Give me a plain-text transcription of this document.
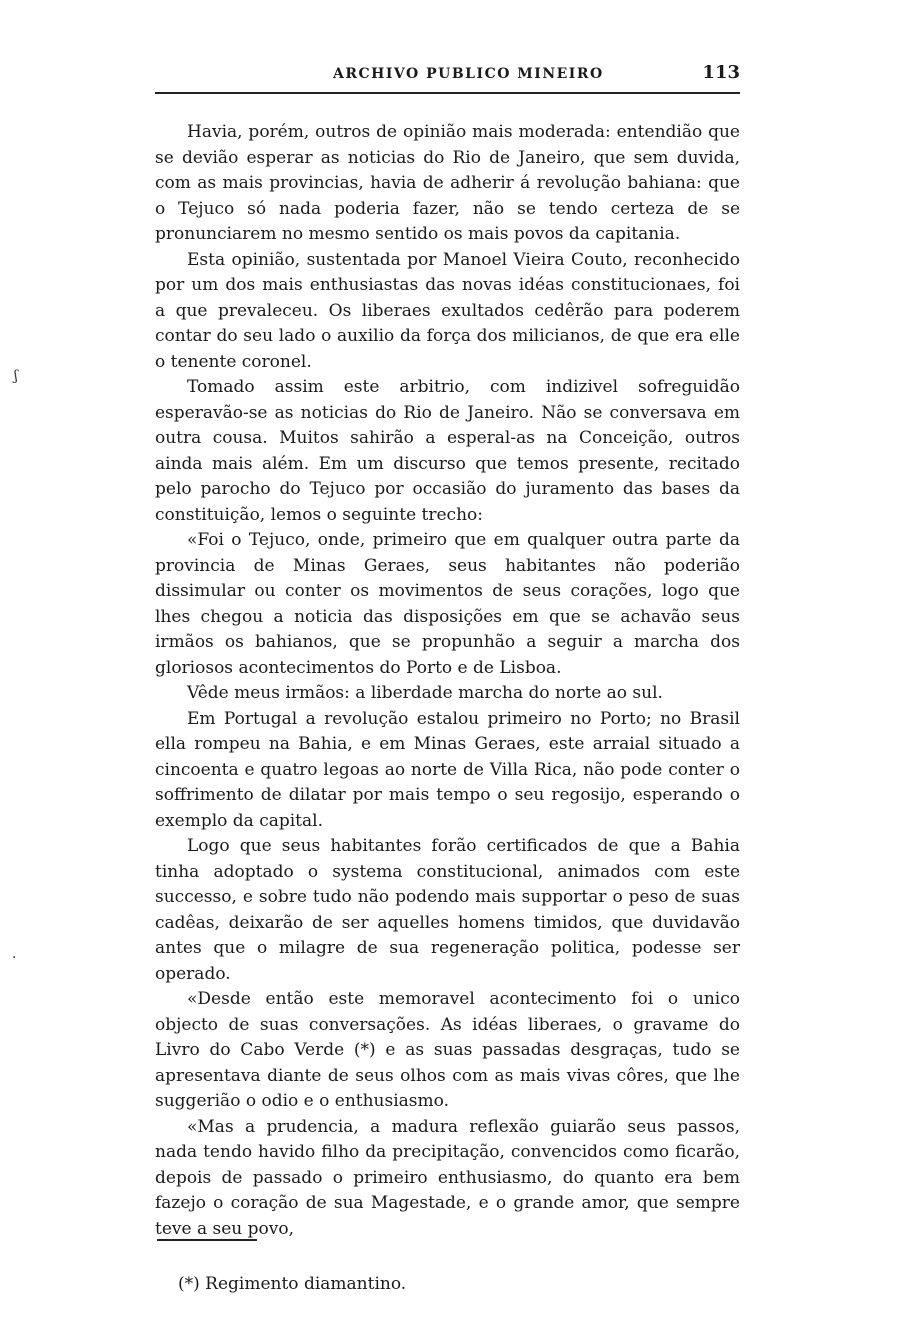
ARCHIVO PUBLICO MINEIRO	113

Havia, porém, outros de opinião mais moderada: entendião que se devião esperar as noticias do Rio de Janeiro, que sem duvida, com as mais provincias, havia de adherir á revolução bahiana: que o Tejuco só nada poderia fazer, não se tendo certeza de se pronunciarem no mesmo sentido os mais povos da capitania.

Esta opinião, sustentada por Manoel Vieira Couto, reconhecido por um dos mais enthusiastas das novas idéas constitucionaes, foi a que prevaleceu. Os liberaes exultados cedêrão para poderem contar do seu lado o auxilio da força dos milicianos, de que era elle o tenente coronel.

Tomado assim este arbitrio, com indizivel sofreguidão esperavão-se as noticias do Rio de Janeiro. Não se conversava em outra cousa. Muitos sahirão a esperal-as na Conceição, outros ainda mais além. Em um discurso que temos presente, recitado pelo parocho do Tejuco por occasião do juramento das bases da constituição, lemos o seguinte trecho:

«Foi o Tejuco, onde, primeiro que em qualquer outra parte da provincia de Minas Geraes, seus habitantes não poderião dissimular ou conter os movimentos de seus corações, logo que lhes chegou a noticia das disposições em que se achavão seus irmãos os bahianos, que se propunhão a seguir a marcha dos gloriosos acontecimentos do Porto e de Lisboa.

Vêde meus irmãos: a liberdade marcha do norte ao sul.

Em Portugal a revolução estalou primeiro no Porto; no Brasil ella rompeu na Bahia, e em Minas Geraes, este arraial situado a cincoenta e quatro legoas ao norte de Villa Rica, não pode conter o soffrimento de dilatar por mais tempo o seu regosijo, esperando o exemplo da capital.

Logo que seus habitantes forão certificados de que a Bahia tinha adoptado o systema constitucional, animados com este successo, e sobre tudo não podendo mais supportar o peso de suas cadêas, deixarão de ser aquelles homens timidos, que duvidavão antes que o milagre de sua regeneração politica, podesse ser operado.

«Desde então este memoravel acontecimento foi o unico objecto de suas conversações. As idéas liberaes, o gravame do Livro do Cabo Verde (*) e as suas passadas desgraças, tudo se apresentava diante de seus olhos com as mais vivas côres, que lhe suggerião o odio e o enthusiasmo.

«Mas a prudencia, a madura reflexão guiarão seus passos, nada tendo havido filho da precipitação, convencidos como ficarão, depois de passado o primeiro enthusiasmo, do quanto era bem fazejo o coração de sua Magestade, e o grande amor, que sempre teve a seu povo,

ʃ
·
(*) Regimento diamantino.
